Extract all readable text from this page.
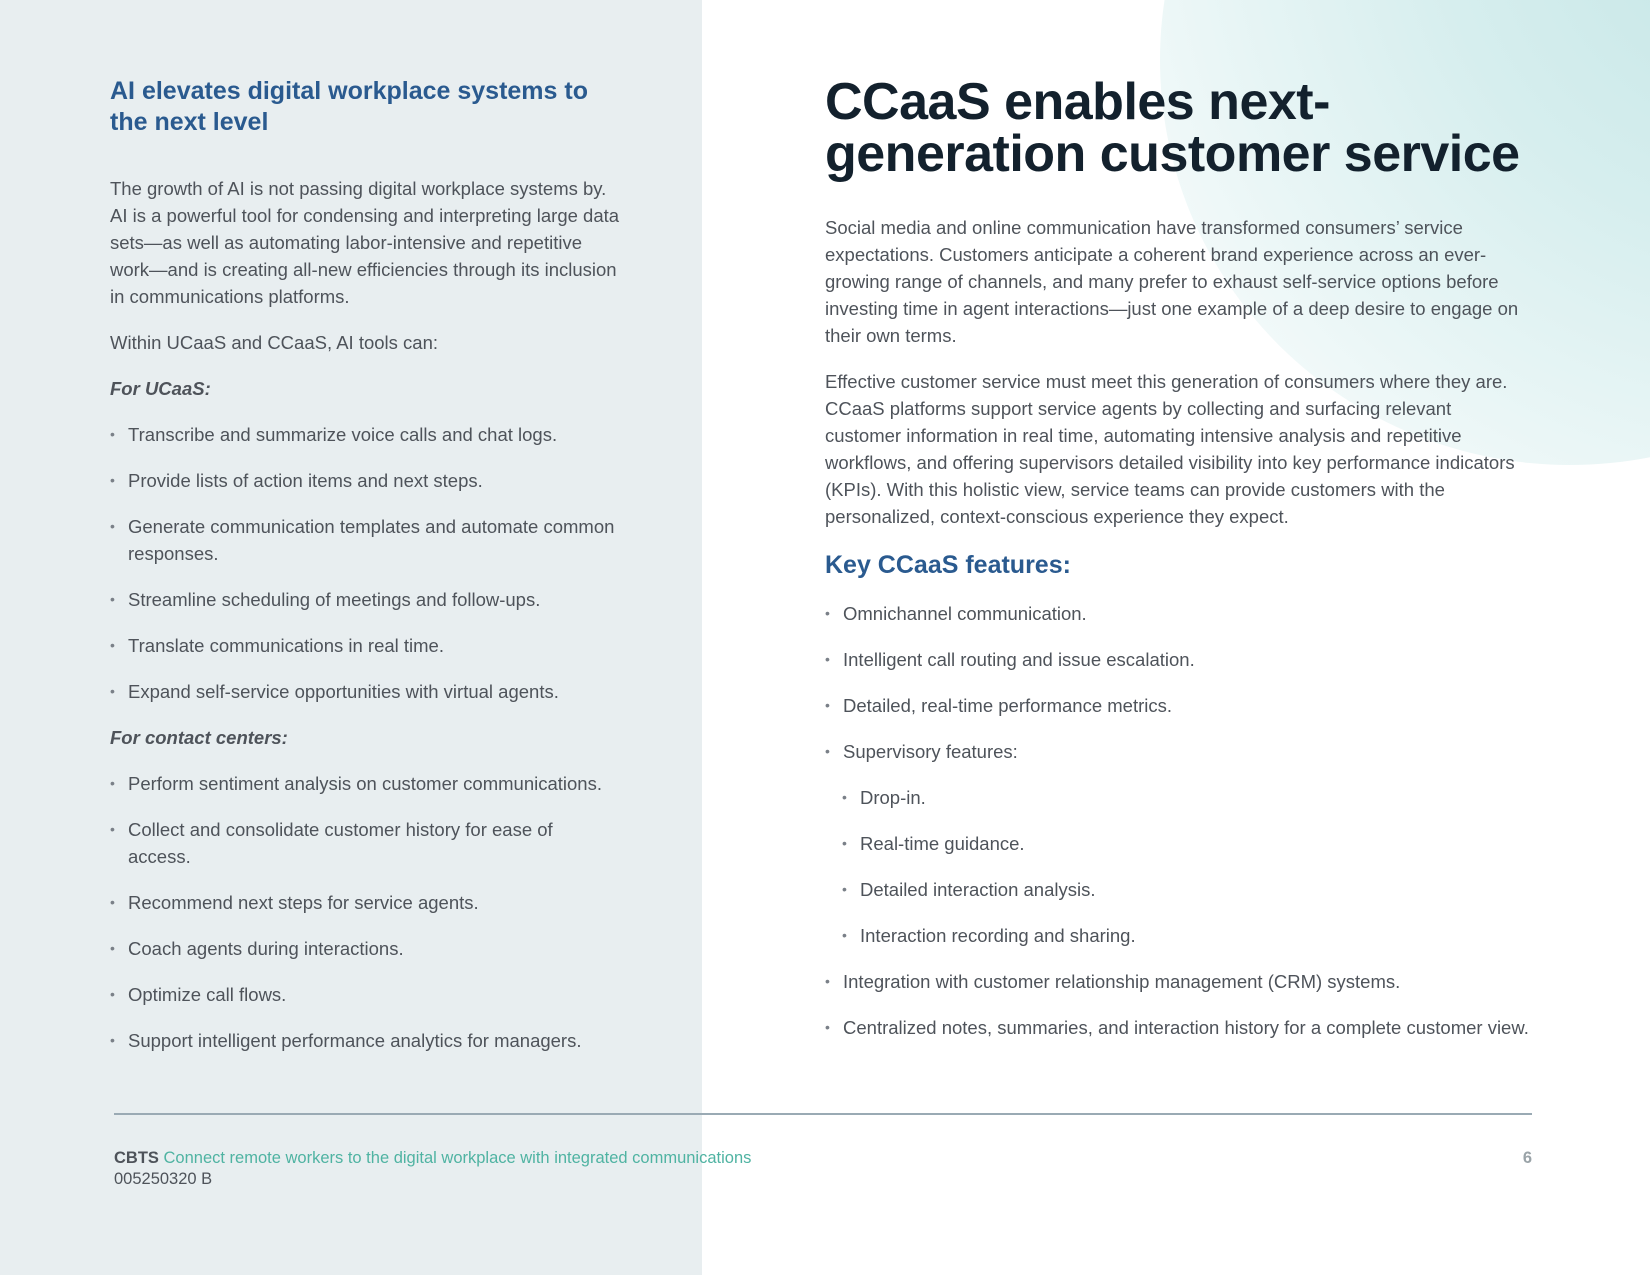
AI elevates digital workplace systems to the next level

The growth of AI is not passing digital workplace systems by. AI is a powerful tool for condensing and interpreting large data sets—as well as automating labor-intensive and repetitive work—and is creating all-new efficiencies through its inclusion in communications platforms.

Within UCaaS and CCaaS, AI tools can:

For UCaaS:
• Transcribe and summarize voice calls and chat logs.
• Provide lists of action items and next steps.
• Generate communication templates and automate common responses.
• Streamline scheduling of meetings and follow-ups.
• Translate communications in real time.
• Expand self-service opportunities with virtual agents.
For contact centers:
• Perform sentiment analysis on customer communications.
• Collect and consolidate customer history for ease of access.
• Recommend next steps for service agents.
• Coach agents during interactions.
• Optimize call flows.
• Support intelligent performance analytics for managers.
CCaaS enables next-generation customer service

Social media and online communication have transformed consumers’ service expectations. Customers anticipate a coherent brand experience across an ever-growing range of channels, and many prefer to exhaust self-service options before investing time in agent interactions—just one example of a deep desire to engage on their own terms.

Effective customer service must meet this generation of consumers where they are. CCaaS platforms support service agents by collecting and surfacing relevant customer information in real time, automating intensive analysis and repetitive workflows, and offering supervisors detailed visibility into key performance indicators (KPIs). With this holistic view, service teams can provide customers with the personalized, context-conscious experience they expect.

Key CCaaS features:
• Omnichannel communication.
• Intelligent call routing and issue escalation.
• Detailed, real-time performance metrics.
• Supervisory features:
• Drop-in.
• Real-time guidance.
• Detailed interaction analysis.
• Interaction recording and sharing.
• Integration with customer relationship management (CRM) systems.
• Centralized notes, summaries, and interaction history for a complete customer view.
CBTS Connect remote workers to the digital workplace with integrated communications
005250320 B
6
